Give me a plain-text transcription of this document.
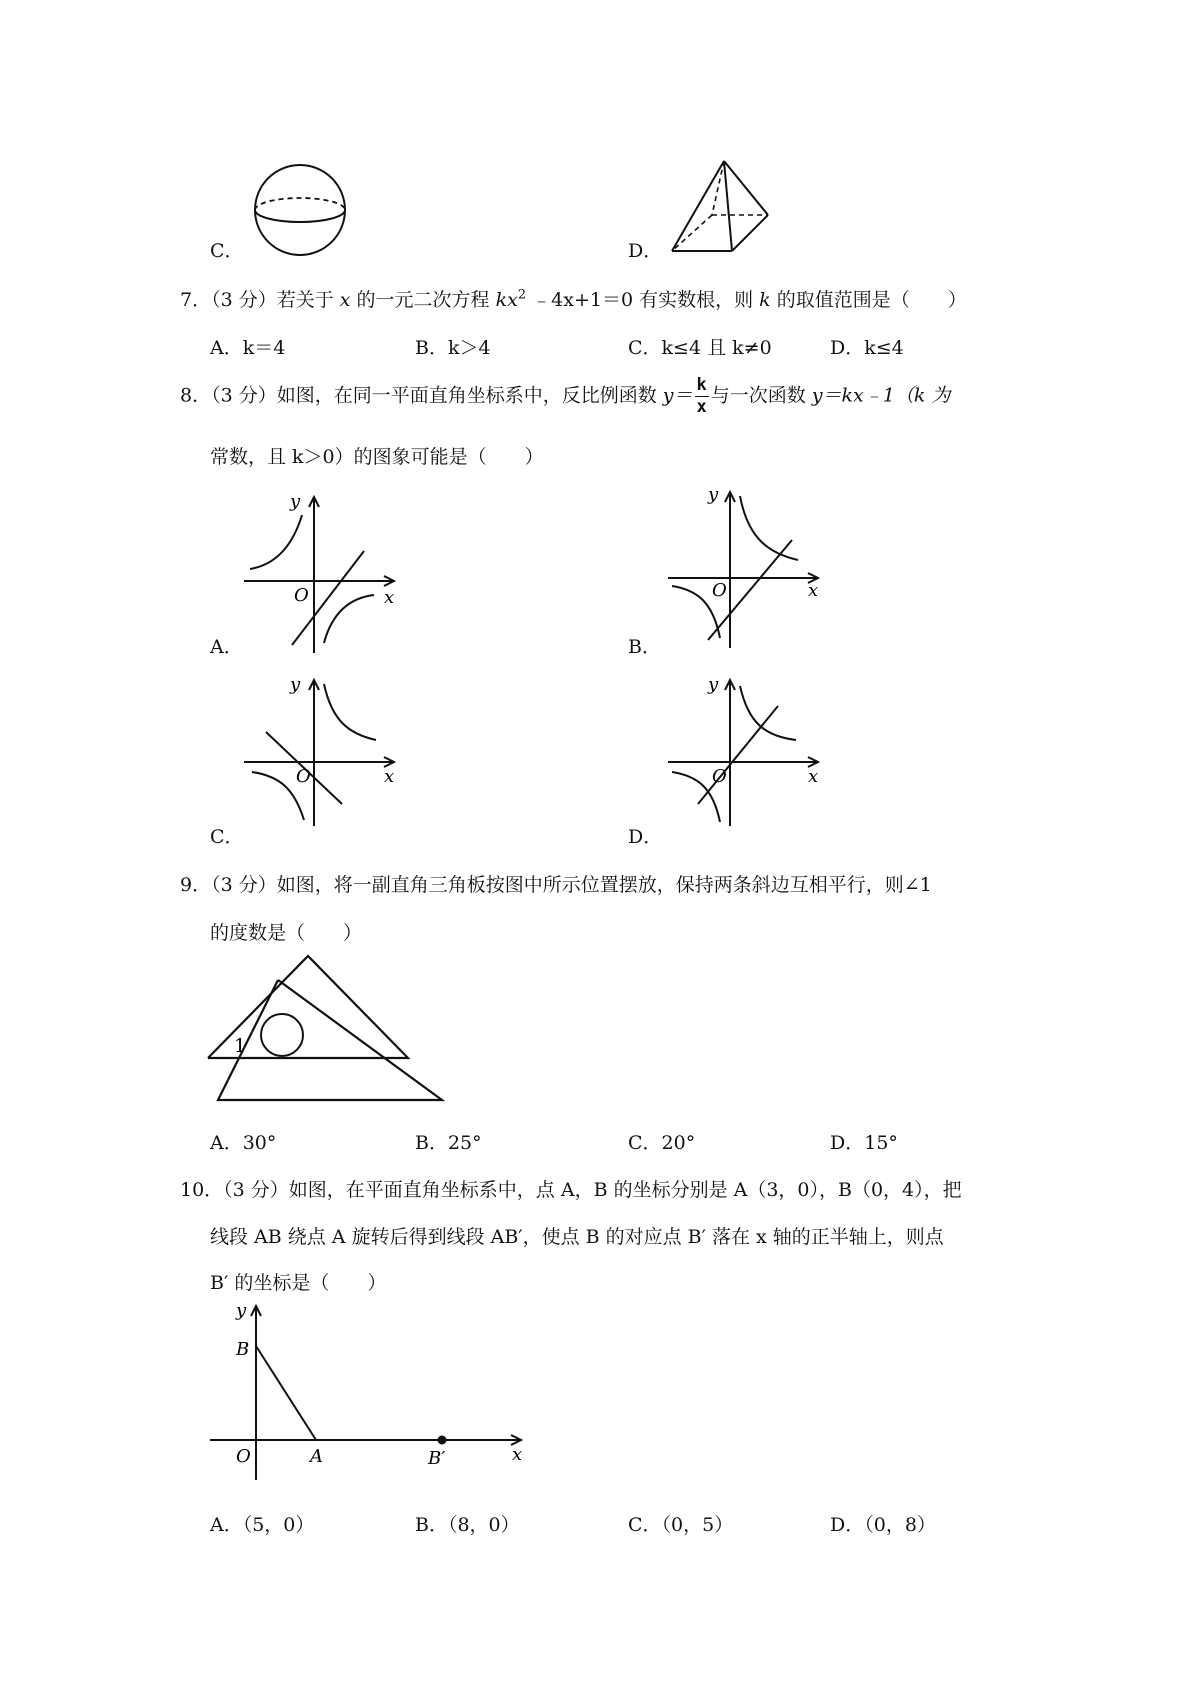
C．	D．
7．（3 分）若关于 x 的一元二次方程 $kx^2$ ﹣4x+1＝0 有实数根，则 k 的取值范围是（　　）
A．k＝4	B．k＞4	C．k≤4 且 k≠0	D．k≤4
8．（3 分）如图，在同一平面直角坐标系中，反比例函数 $y= \frac{k}{x}$ 与一次函数 y＝kx﹣1（k 为
常数，且 k＞0）的图象可能是（　　）
y
O	x
A．
y
O	x
B．
y
O	x
C．
y
O	x
D．
9．（3 分）如图，将一副直角三角板按图中所示位置摆放，保持两条斜边互相平行，则∠1
的度数是（　　）
1
A．30°	B．25°	C．20°	D．15°
10．（3 分）如图，在平面直角坐标系中，点 A，B 的坐标分别是 A（3，0），B（0，4），把
线段 AB 绕点 A 旋转后得到线段 AB′，使点 B 的对应点 B′ 落在 x 轴的正半轴上，则点
B′ 的坐标是（　　）
y
B
O	A	B′	x
A．（5，0）	B．（8，0）	C．（0，5）	D．（0，8）
